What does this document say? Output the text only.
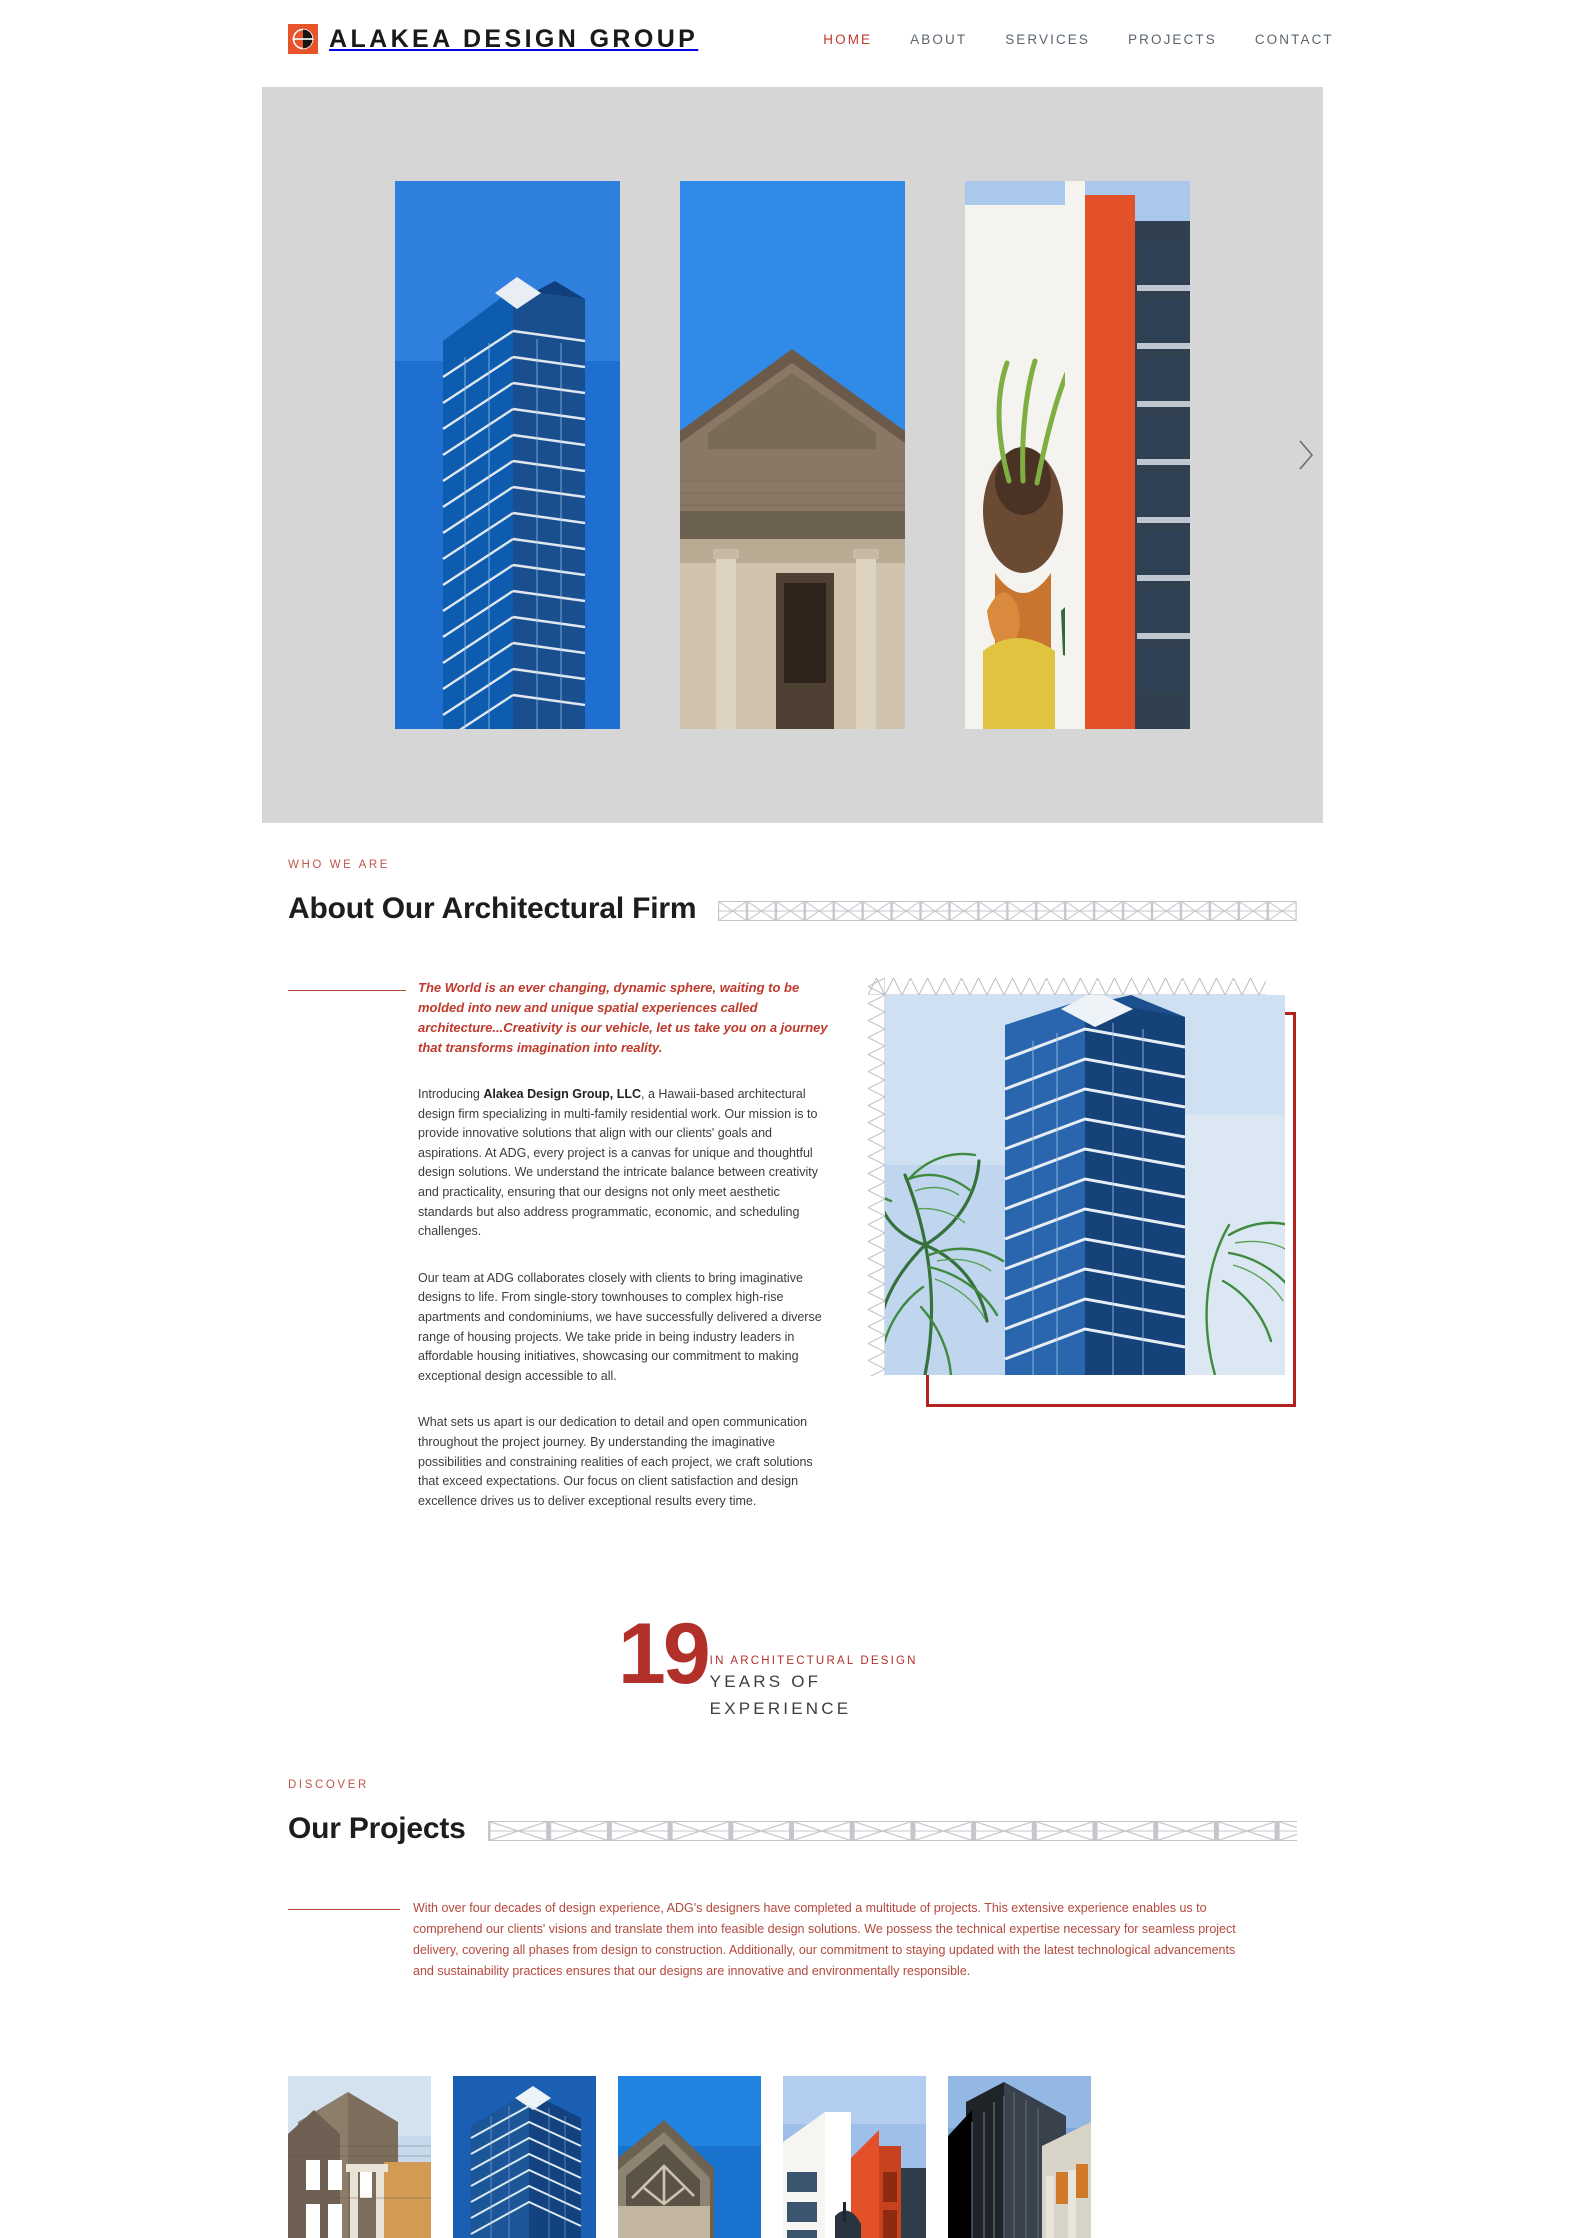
ALAKEA DESIGN GROUP	HOME	ABOUT	SERVICES	PROJECTS	CONTACT
WHO WE ARE
About Our Architectural Firm

The World is an ever changing, dynamic sphere, waiting to be molded into new and unique spatial experiences called architecture...Creativity is our vehicle, let us take you on a journey that transforms imagination into reality.

Introducing Alakea Design Group, LLC, a Hawaii-based architectural design firm specializing in multi-family residential work. Our mission is to provide innovative solutions that align with our clients' goals and aspirations. At ADG, every project is a canvas for unique and thoughtful design solutions. We understand the intricate balance between creativity and practicality, ensuring that our designs not only meet aesthetic standards but also address programmatic, economic, and scheduling challenges.

Our team at ADG collaborates closely with clients to bring imaginative designs to life. From single-story townhouses to complex high-rise apartments and condominiums, we have successfully delivered a diverse range of housing projects. We take pride in being industry leaders in affordable housing initiatives, showcasing our commitment to making exceptional design accessible to all.

What sets us apart is our dedication to detail and open communication throughout the project journey. By understanding the imaginative possibilities and constraining realities of each project, we craft solutions that exceed expectations. Our focus on client satisfaction and design excellence drives us to deliver exceptional results every time.

19 IN ARCHITECTURAL DESIGN
YEARS OF
EXPERIENCE
DISCOVER
Our Projects

With over four decades of design experience, ADG's designers have completed a multitude of projects. This extensive experience enables us to comprehend our clients' visions and translate them into feasible design solutions. We possess the technical expertise necessary for seamless project delivery, covering all phases from design to construction. Additionally, our commitment to staying updated with the latest technological advancements and sustainability practices ensures that our designs are innovative and environmentally responsible.
